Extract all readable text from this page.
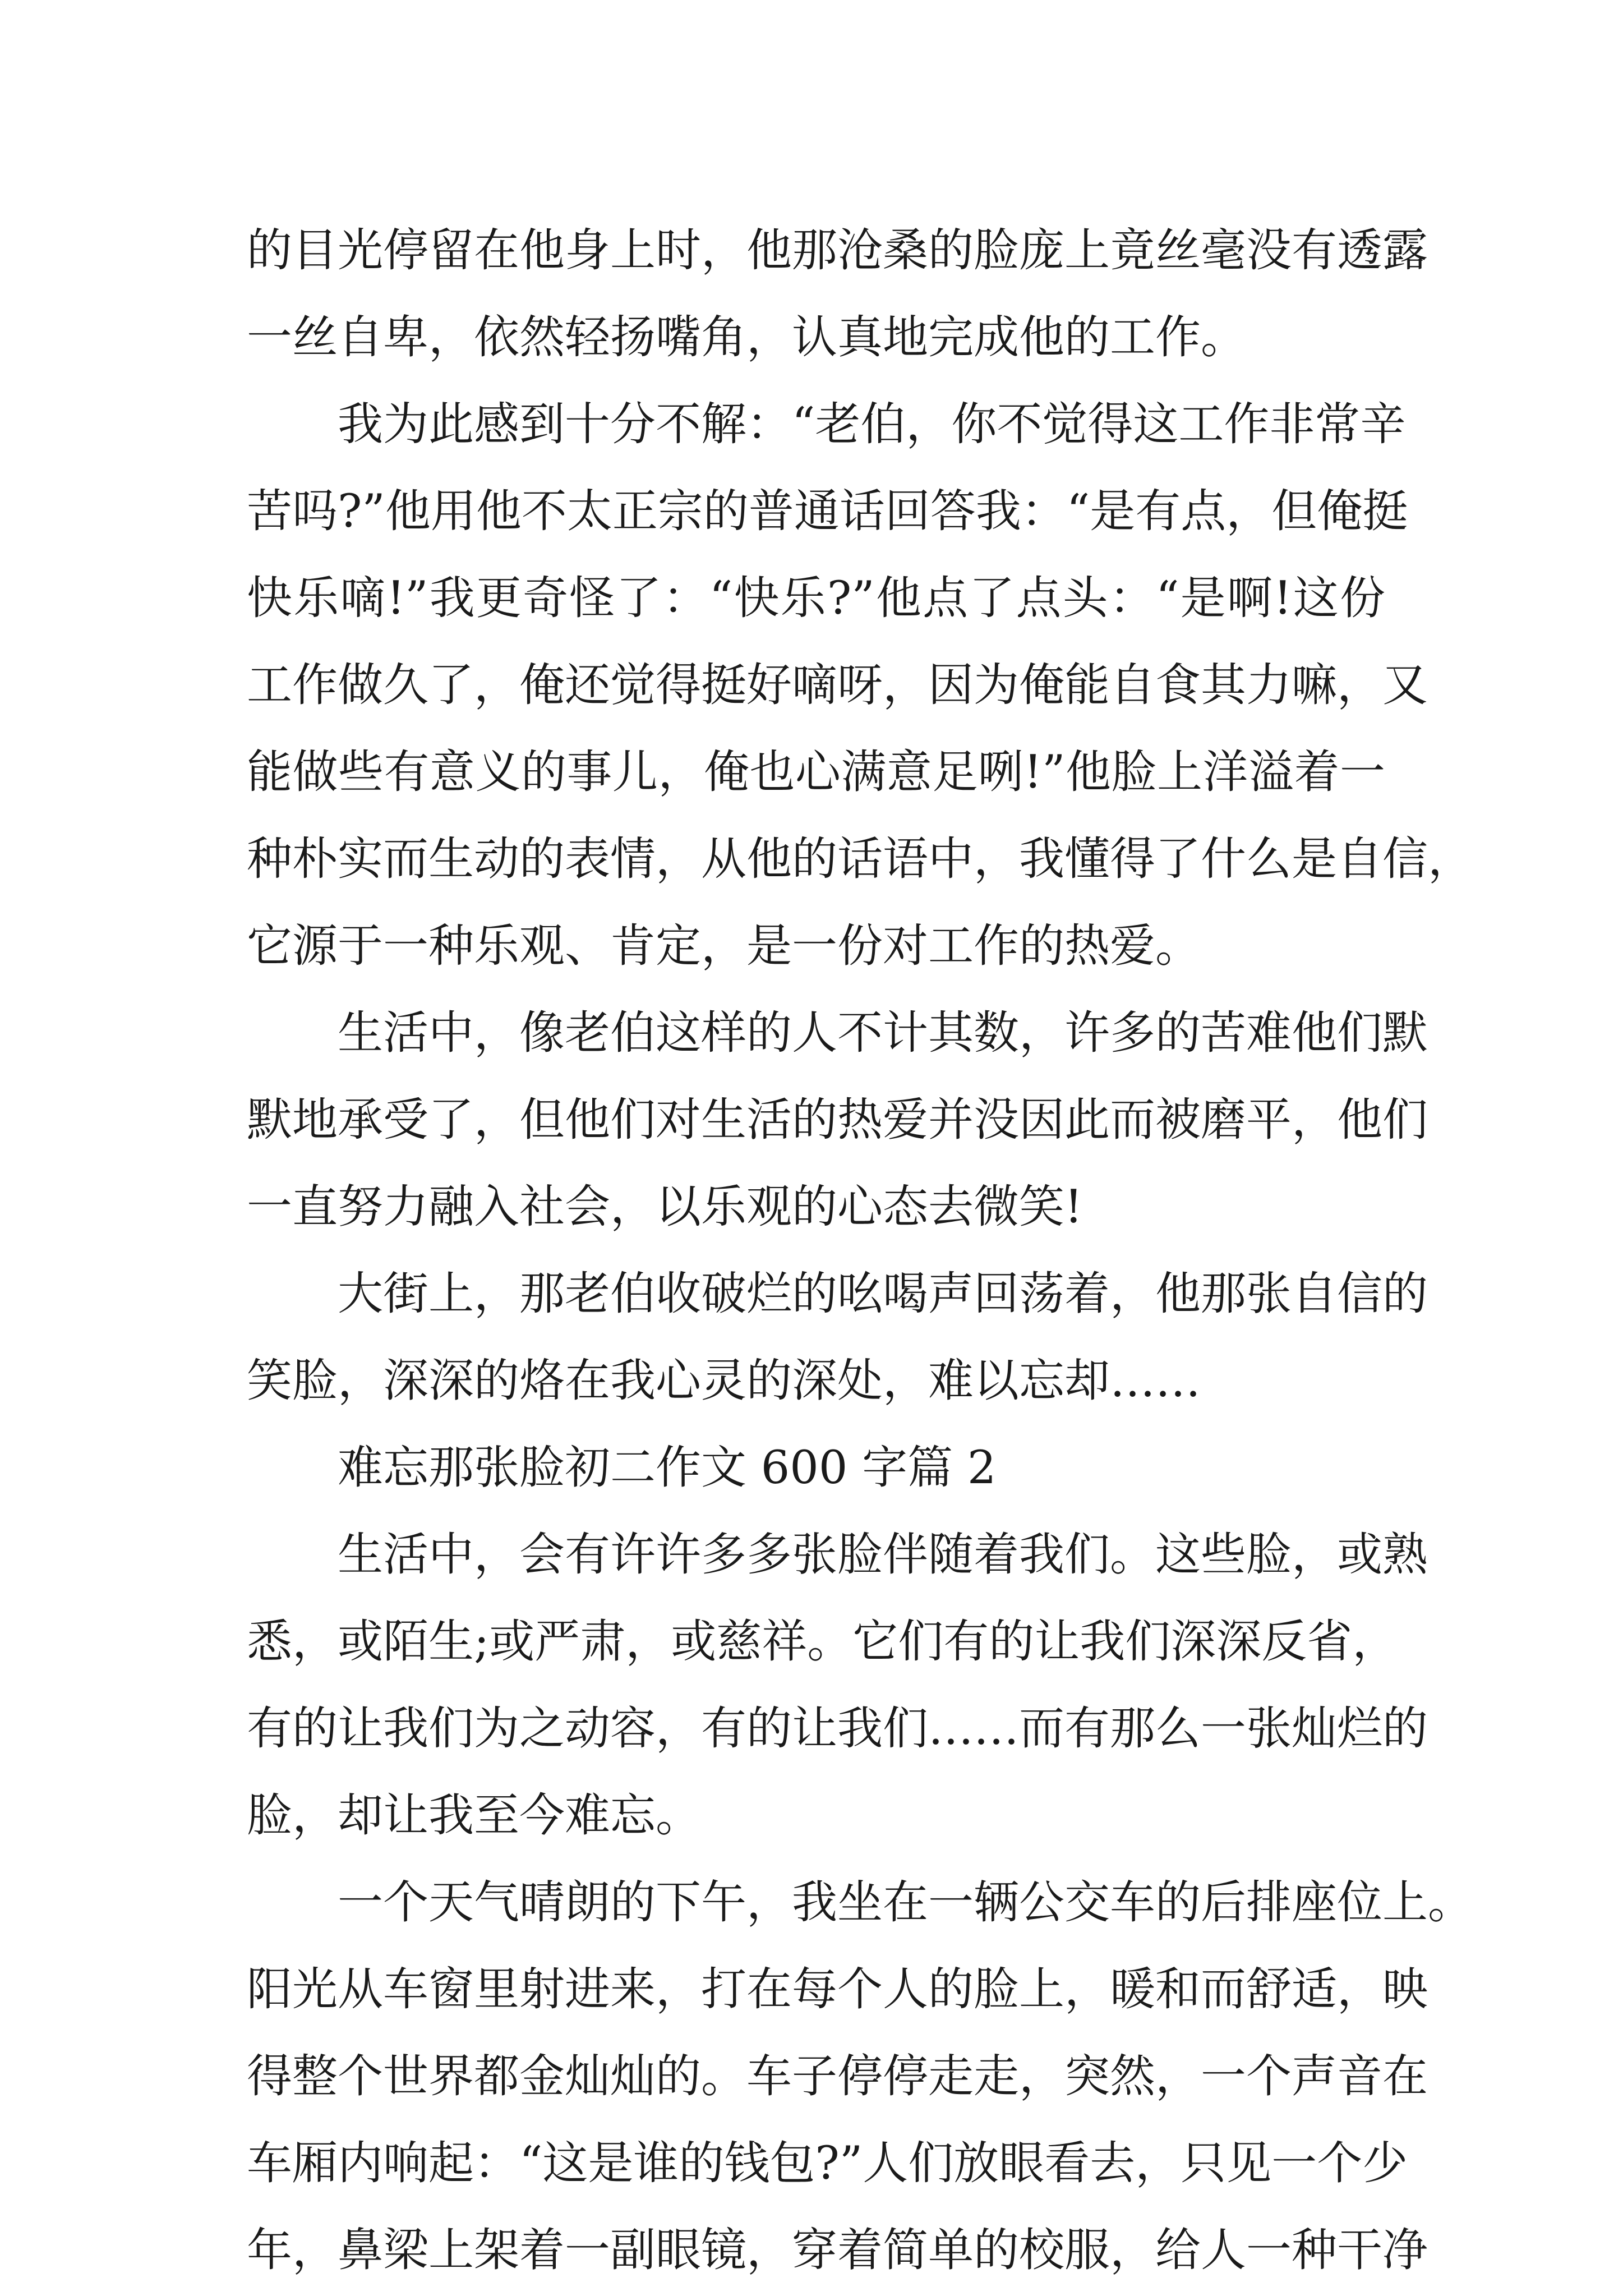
的目光停留在他身上时，他那沧桑的脸庞上竟丝毫没有透露
一丝自卑，依然轻扬嘴角，认真地完成他的工作。
我为此感到十分不解：“老伯，你不觉得这工作非常辛
苦吗?”他用他不太正宗的普通话回答我：“是有点，但俺挺
快乐嘀!”我更奇怪了：“快乐?”他点了点头：“是啊!这份
工作做久了，俺还觉得挺好嘀呀，因为俺能自食其力嘛，又
能做些有意义的事儿，俺也心满意足咧!”他脸上洋溢着一
种朴实而生动的表情，从他的话语中，我懂得了什么是自信，
它源于一种乐观、肯定，是一份对工作的热爱。
生活中，像老伯这样的人不计其数，许多的苦难他们默
默地承受了，但他们对生活的热爱并没因此而被磨平，他们
一直努力融入社会，以乐观的心态去微笑!
大街上，那老伯收破烂的吆喝声回荡着，他那张自信的
笑脸，深深的烙在我心灵的深处，难以忘却……
难忘那张脸初二作文 600 字篇 2
生活中，会有许许多多张脸伴随着我们。这些脸，或熟
悉，或陌生;或严肃，或慈祥。它们有的让我们深深反省，
有的让我们为之动容，有的让我们……而有那么一张灿烂的
脸，却让我至今难忘。
一个天气晴朗的下午，我坐在一辆公交车的后排座位上。
阳光从车窗里射进来，打在每个人的脸上，暖和而舒适，映
得整个世界都金灿灿的。车子停停走走，突然，一个声音在
车厢内响起：“这是谁的钱包?”人们放眼看去，只见一个少
年，鼻梁上架着一副眼镜，穿着简单的校服，给人一种干净
